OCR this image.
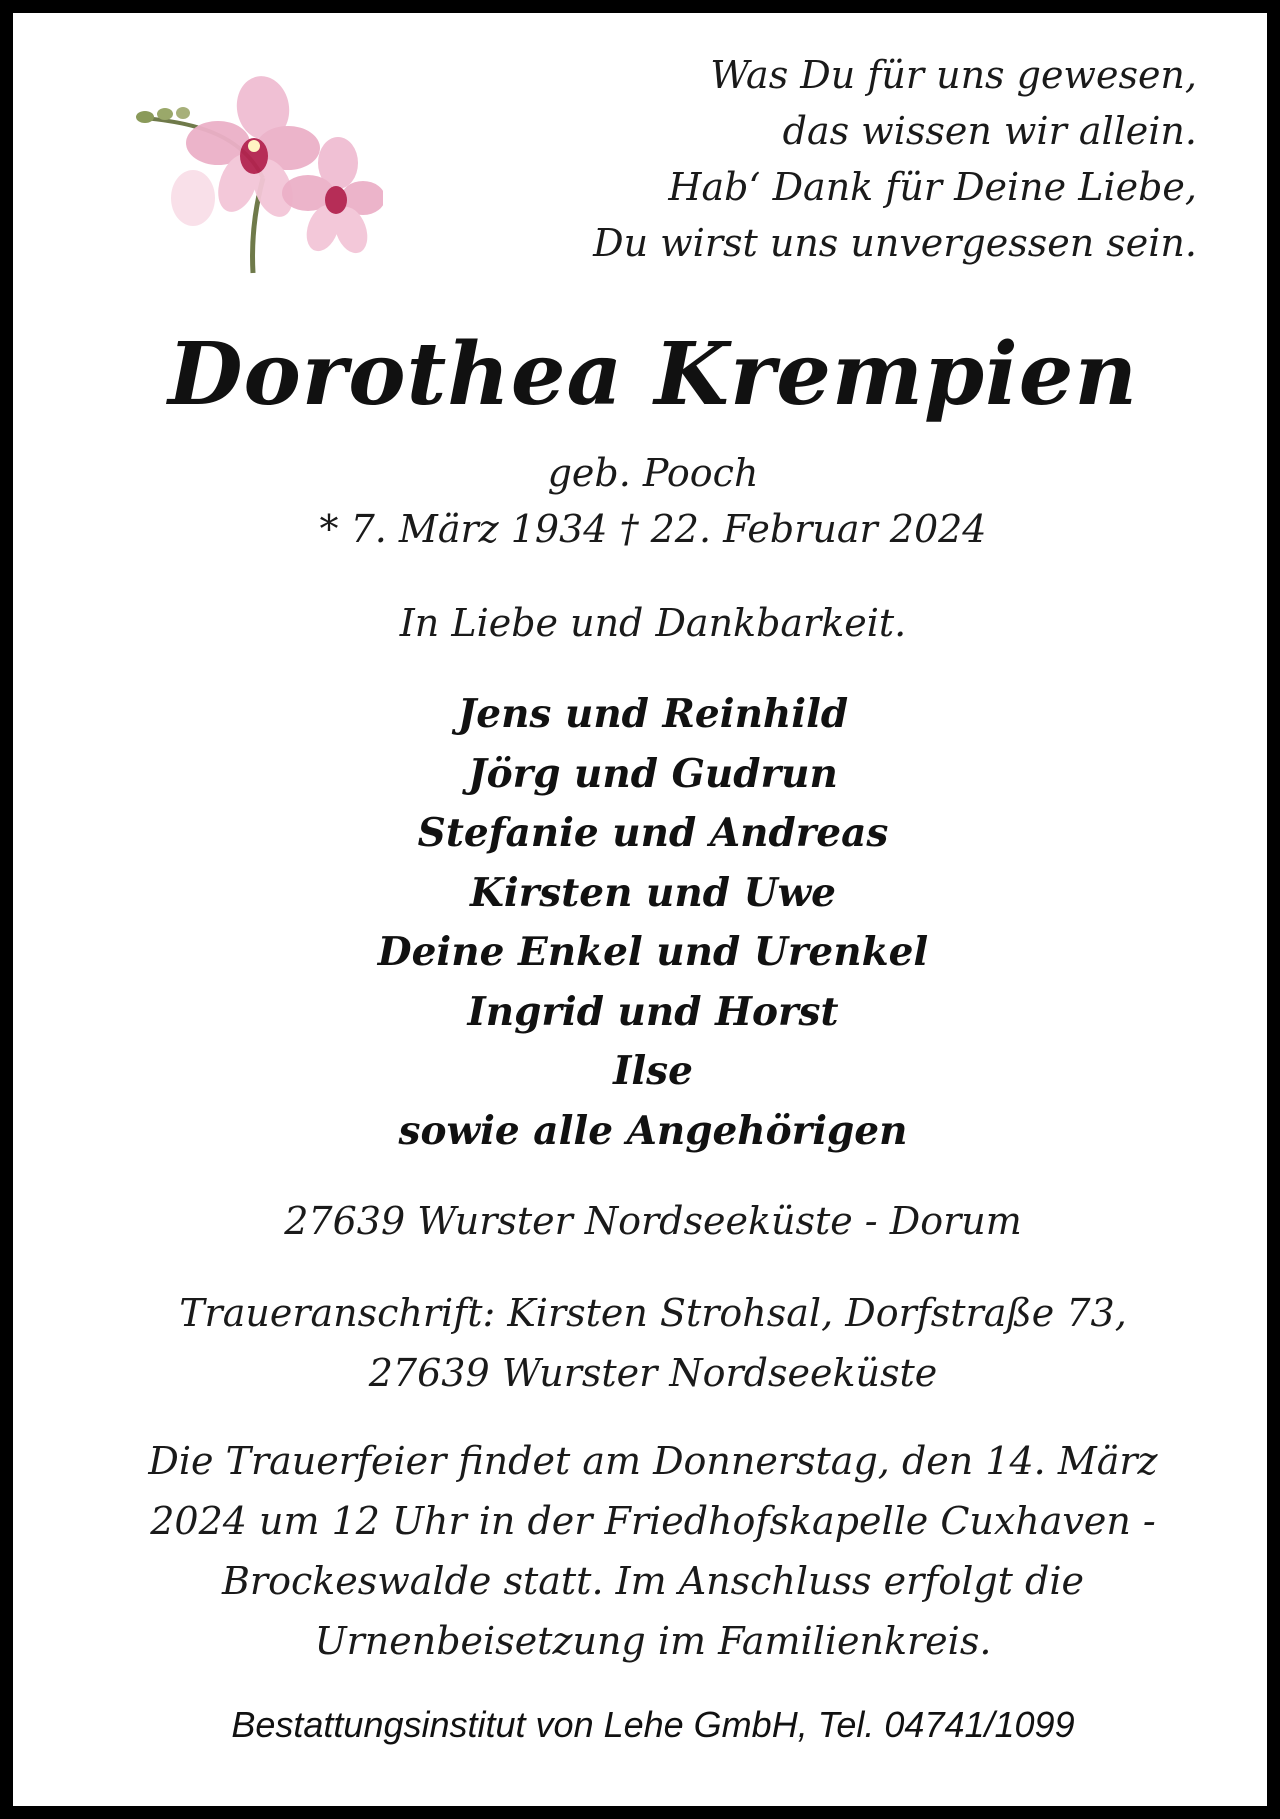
Was Du für uns gewesen,
das wissen wir allein.
Hab‘ Dank für Deine Liebe,
Du wirst uns unvergessen sein.
Dorothea Krempien
geb. Pooch
* 7. März 1934 † 22. Februar 2024
In Liebe und Dankbarkeit.
Jens und Reinhild
Jörg und Gudrun
Stefanie und Andreas
Kirsten und Uwe
Deine Enkel und Urenkel
Ingrid und Horst
Ilse
sowie alle Angehörigen
27639 Wurster Nordseeküste - Dorum
Traueranschrift: Kirsten Strohsal, Dorfstraße 73,
27639 Wurster Nordseeküste
Die Trauerfeier findet am Donnerstag, den 14. März
2024 um 12 Uhr in der Friedhofskapelle Cuxhaven -
Brockeswalde statt. Im Anschluss erfolgt die
Urnenbeisetzung im Familienkreis.
Bestattungsinstitut von Lehe GmbH, Tel. 04741/1099
